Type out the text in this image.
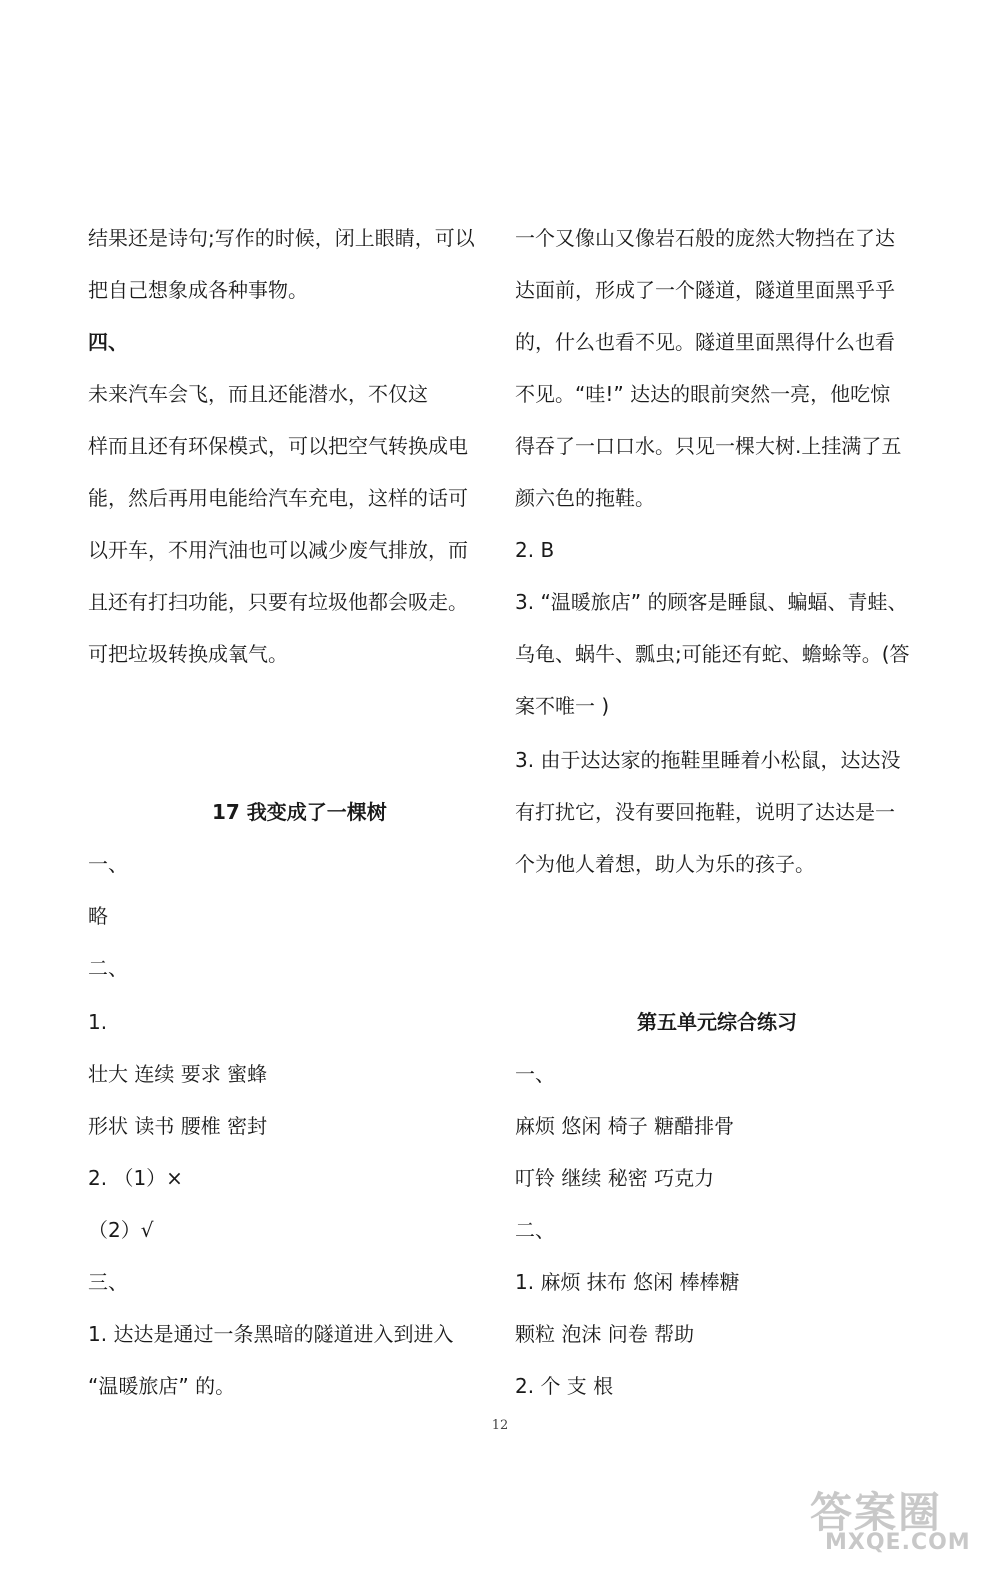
结果还是诗句;写作的时候，闭上眼睛，可以
把自己想象成各种事物。
四、
未来汽车会飞，而且还能潜水，不仅这
样而且还有环保模式，可以把空气转换成电
能，然后再用电能给汽车充电，这样的话可
以开车，不用汽油也可以减少废气排放，而
且还有打扫功能，只要有垃圾他都会吸走。
可把垃圾转换成氧气。
17 我变成了一棵树
一、
略
二、
1.
壮大 连续 要求 蜜蜂
形状 读书 腰椎 密封
2. （1）×
（2）√
三、
1. 达达是通过一条黑暗的隧道进入到进入
“温暖旅店” 的。
一个又像山又像岩石般的庞然大物挡在了达
达面前，形成了一个隧道，隧道里面黑乎乎
的，什么也看不见。隧道里面黑得什么也看
不见。“哇!” 达达的眼前突然一亮，他吃惊
得吞了一口口水。只见一棵大树.上挂满了五
颜六色的拖鞋。
2. B
3. “温暖旅店” 的顾客是睡鼠、蝙蝠、青蛙、
乌龟、蜗牛、瓢虫;可能还有蛇、蟾蜍等。(答
案不唯一 )
3. 由于达达家的拖鞋里睡着小松鼠，达达没
有打扰它，没有要回拖鞋，说明了达达是一
个为他人着想，助人为乐的孩子。
第五单元综合练习
一、
麻烦 悠闲 椅子 糖醋排骨
叮铃 继续 秘密 巧克力
二、
1. 麻烦 抹布 悠闲 棒棒糖
颗粒 泡沫 问卷 帮助
2. 个 支 根
12
答案圈
MXQE.COM
